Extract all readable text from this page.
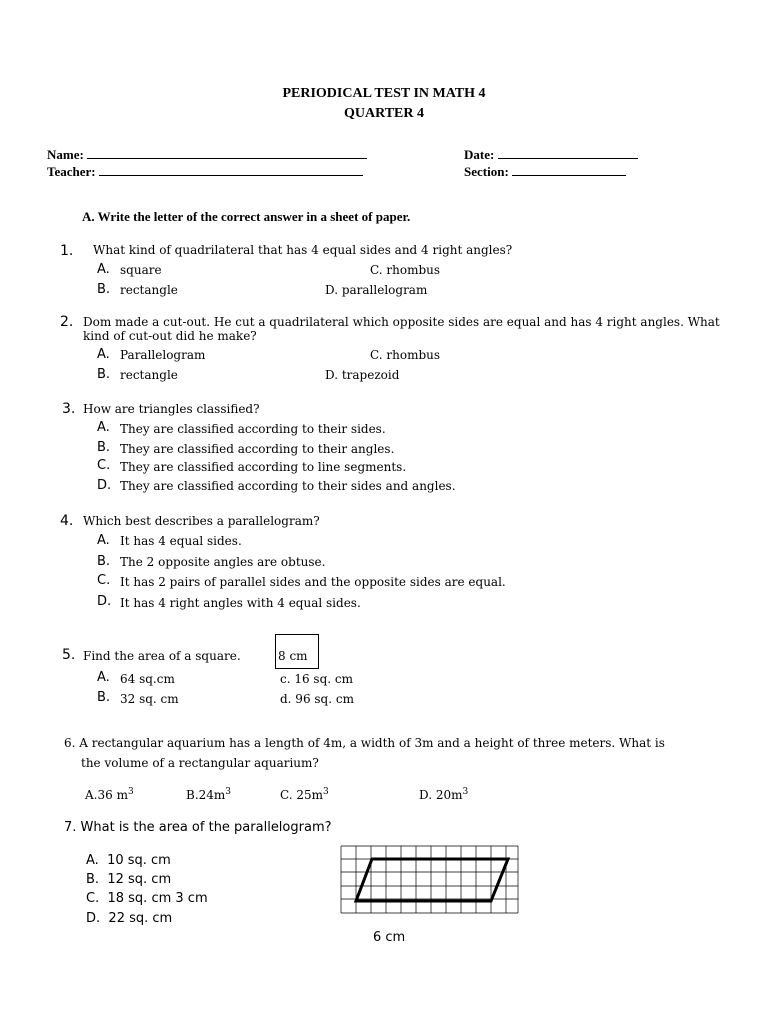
PERIODICAL TEST IN MATH 4
QUARTER 4
Name:	Date:
Teacher:	Section:
A. Write the letter of the correct answer in a sheet of paper.
1. What kind of quadrilateral that has 4 equal sides and 4 right angles?
A. square	C. rhombus
B. rectangle	D. parallelogram
2. Dom made a cut-out. He cut a quadrilateral which opposite sides are equal and has 4 right angles. What
kind of cut-out did he make?
A. Parallelogram	C. rhombus
B. rectangle	D. trapezoid
3. How are triangles classified?
A. They are classified according to their sides.
B. They are classified according to their angles.
C. They are classified according to line segments.
D. They are classified according to their sides and angles.
4. Which best describes a parallelogram?
A. It has 4 equal sides.
B. The 2 opposite angles are obtuse.
C. It has 2 pairs of parallel sides and the opposite sides are equal.
D. It has 4 right angles with 4 equal sides.
5. Find the area of a square.	8 cm
A. 64 sq.cm	c. 16 sq. cm
B. 32 sq. cm	d. 96 sq. cm
6. A rectangular aquarium has a length of 4m, a width of 3m and a height of three meters. What is
the volume of a rectangular aquarium?
A.36 $m^3$	$B.24m^3$	C. $25m^3$	D. $20m^3$
7. What is the area of the parallelogram?
A. 10 sq. cm
B. 12 sq. cm
C. 18 sq. cm 3 cm
D. 22 sq. cm
6 cm
